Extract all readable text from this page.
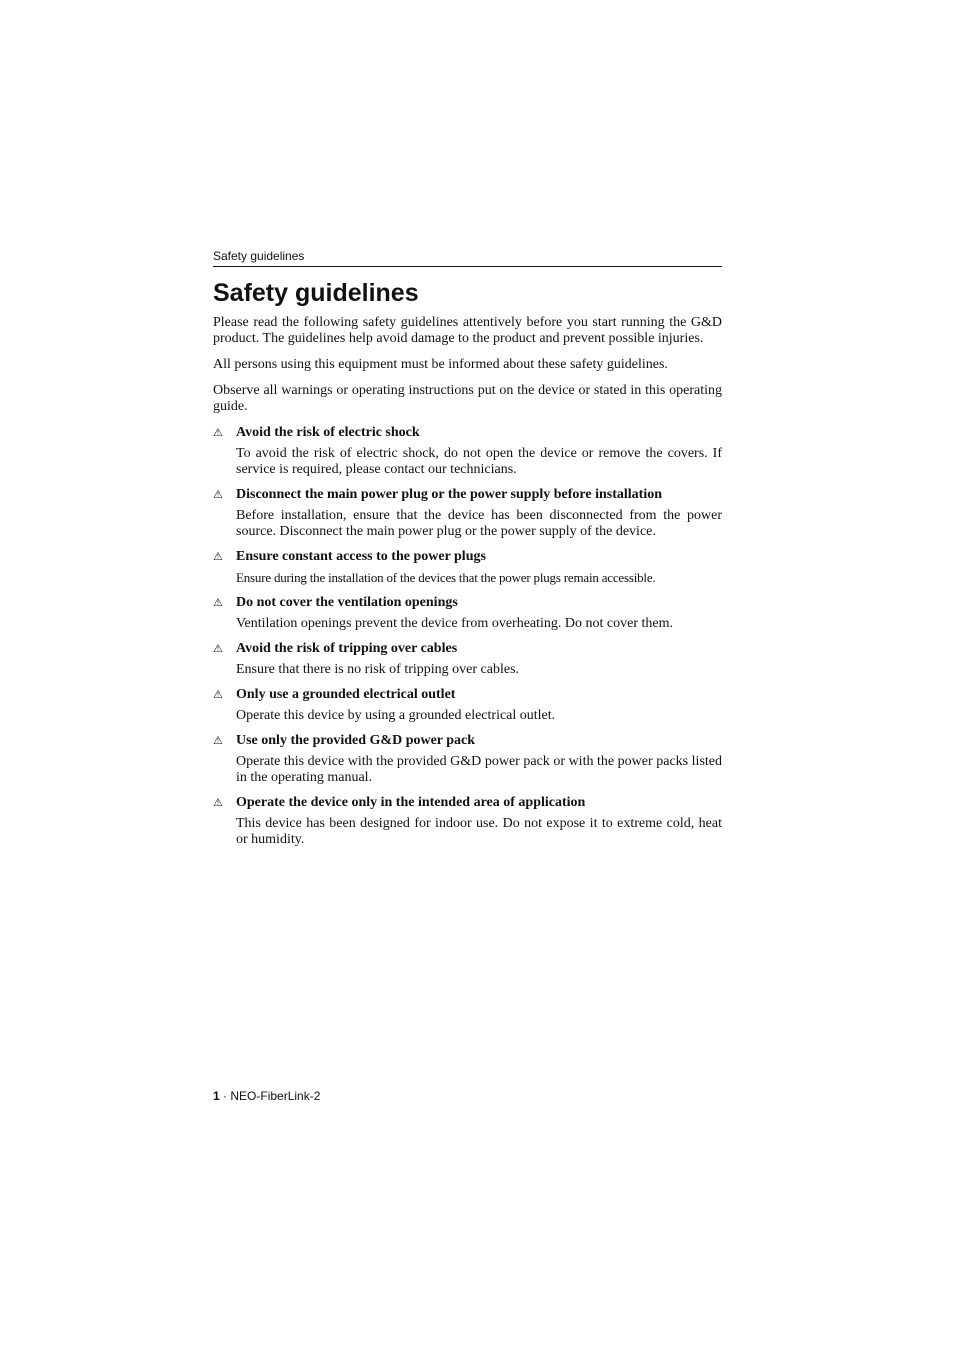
Safety guidelines
Safety guidelines

Please read the following safety guidelines attentively before you start running the G&D product. The guidelines help avoid damage to the product and prevent possible injuries.

All persons using this equipment must be informed about these safety guidelines.

Observe all warnings or operating instructions put on the device or stated in this operating guide.

⚠ Avoid the risk of electric shock

To avoid the risk of electric shock, do not open the device or remove the covers. If service is required, please contact our technicians.

⚠ Disconnect the main power plug or the power supply before installation

Before installation, ensure that the device has been disconnected from the power source. Disconnect the main power plug or the power supply of the device.

⚠ Ensure constant access to the power plugs

Ensure during the installation of the devices that the power plugs remain accessible.

⚠ Do not cover the ventilation openings

Ventilation openings prevent the device from overheating. Do not cover them.

⚠ Avoid the risk of tripping over cables

Ensure that there is no risk of tripping over cables.

⚠ Only use a grounded electrical outlet

Operate this device by using a grounded electrical outlet.

⚠ Use only the provided G&D power pack

Operate this device with the provided G&D power pack or with the power packs listed in the operating manual.

⚠ Operate the device only in the intended area of application

This device has been designed for indoor use. Do not expose it to extreme cold, heat or humidity.

1 · NEO-FiberLink-2
